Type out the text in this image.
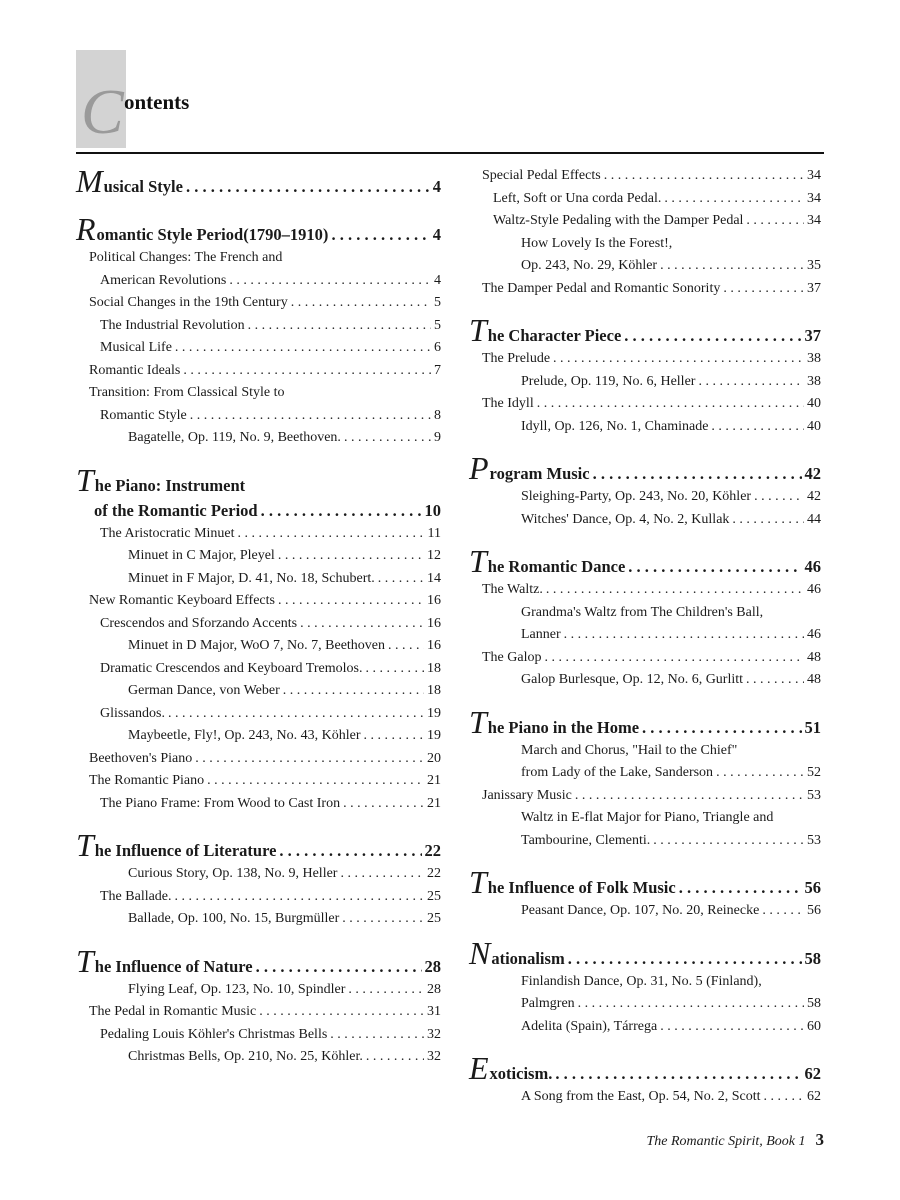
C ontents
M usical Style . . .	4
R omantic Style Period (1790–1910) . . .	4
Political Changes: The French and
American Revolutions . . .	4
Social Changes in the 19th Century . . .	5
The Industrial Revolution . . .	5
Musical Life . . .	6
Romantic Ideals . . .	7
Transition: From Classical Style to
Romantic Style . . .	8
Bagatelle, Op. 119, No. 9, Beethoven. . . .	9
T he Piano: Instrument
of the Romantic Period . . .	10
The Aristocratic Minuet . . .	11
Minuet in C Major, Pleyel . . .	12
Minuet in F Major, D. 41, No. 18, Schubert. . . .	14
New Romantic Keyboard Effects . . .	16
Crescendos and Sforzando Accents . . .	16
Minuet in D Major, WoO 7, No. 7, Beethoven . . .	16
Dramatic Crescendos and Keyboard Tremolos. . . .	18
German Dance, von Weber . . .	18
Glissandos. . . .	19
Maybeetle, Fly!, Op. 243, No. 43, Köhler . . .	19
Beethoven's Piano . . .	20
The Romantic Piano . . .	21
The Piano Frame: From Wood to Cast Iron . . .	21
T he Influence of Literature . . .	22
Curious Story, Op. 138, No. 9, Heller . . .	22
The Ballade. . . .	25
Ballade, Op. 100, No. 15, Burgmüller . . .	25
T he Influence of Nature . . .	28
Flying Leaf, Op. 123, No. 10, Spindler . . .	28
The Pedal in Romantic Music . . .	31
Pedaling Louis Köhler's Christmas Bells . . .	32
Christmas Bells, Op. 210, No. 25, Köhler. . . .	32
Special Pedal Effects . . .	34
Left, Soft or Una corda Pedal. . . .	34
Waltz-Style Pedaling with the Damper Pedal . . .	34
How Lovely Is the Forest!,
Op. 243, No. 29, Köhler . . .	35
The Damper Pedal and Romantic Sonority . . .	37
T he Character Piece . . .	37
The Prelude . . .	38
Prelude, Op. 119, No. 6, Heller . . .	38
The Idyll . . .	40
Idyll, Op. 126, No. 1, Chaminade . . .	40
P rogram Music . . .	42
Sleighing-Party, Op. 243, No. 20, Köhler . . .	42
Witches' Dance, Op. 4, No. 2, Kullak . . .	44
T he Romantic Dance . . .	46
The Waltz. . . .	46
Grandma's Waltz from The Children's Ball,
Lanner . . .	46
The Galop . . .	48
Galop Burlesque, Op. 12, No. 6, Gurlitt . . .	48
T he Piano in the Home . . .	51
March and Chorus, "Hail to the Chief"
from Lady of the Lake, Sanderson . . .	52
Janissary Music . . .	53
Waltz in E-flat Major for Piano, Triangle and
Tambourine, Clementi. . . .	53
T he Influence of Folk Music . . .	56
Peasant Dance, Op. 107, No. 20, Reinecke . . .	56
N ationalism . . .	58
Finlandish Dance, Op. 31, No. 5 (Finland),
Palmgren . . .	58
Adelita (Spain), Tárrega . . .	60
E xoticism. . . .	62
A Song from the East, Op. 54, No. 2, Scott . . .	62
The Romantic Spirit, Book 1 3
